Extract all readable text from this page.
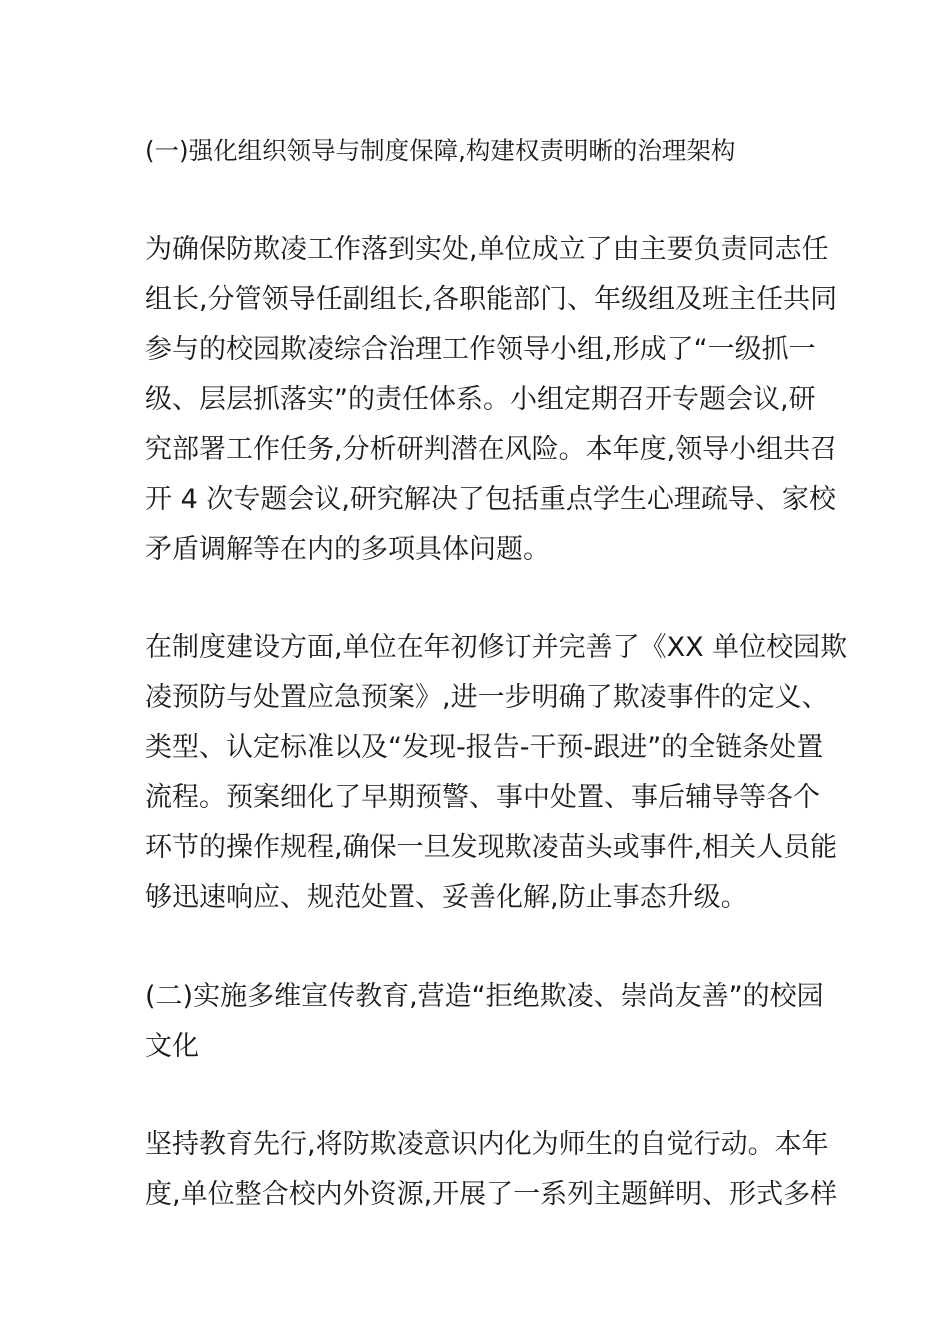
(一)强化组织领导与制度保障,构建权责明晰的治理架构

为确保防欺凌工作落到实处,单位成立了由主要负责同志任

组长,分管领导任副组长,各职能部门、年级组及班主任共同

参与的校园欺凌综合治理工作领导小组,形成了“一级抓一

级、层层抓落实”的责任体系。小组定期召开专题会议,研

究部署工作任务,分析研判潜在风险。本年度,领导小组共召

开 4 次专题会议,研究解决了包括重点学生心理疏导、家校

矛盾调解等在内的多项具体问题。

在制度建设方面,单位在年初修订并完善了《XX 单位校园欺

凌预防与处置应急预案》,进一步明确了欺凌事件的定义、

类型、认定标准以及“发现-报告-干预-跟进”的全链条处置

流程。预案细化了早期预警、事中处置、事后辅导等各个

环节的操作规程,确保一旦发现欺凌苗头或事件,相关人员能

够迅速响应、规范处置、妥善化解,防止事态升级。

(二)实施多维宣传教育,营造“拒绝欺凌、崇尚友善”的校园

文化

坚持教育先行,将防欺凌意识内化为师生的自觉行动。本年

度,单位整合校内外资源,开展了一系列主题鲜明、形式多样
